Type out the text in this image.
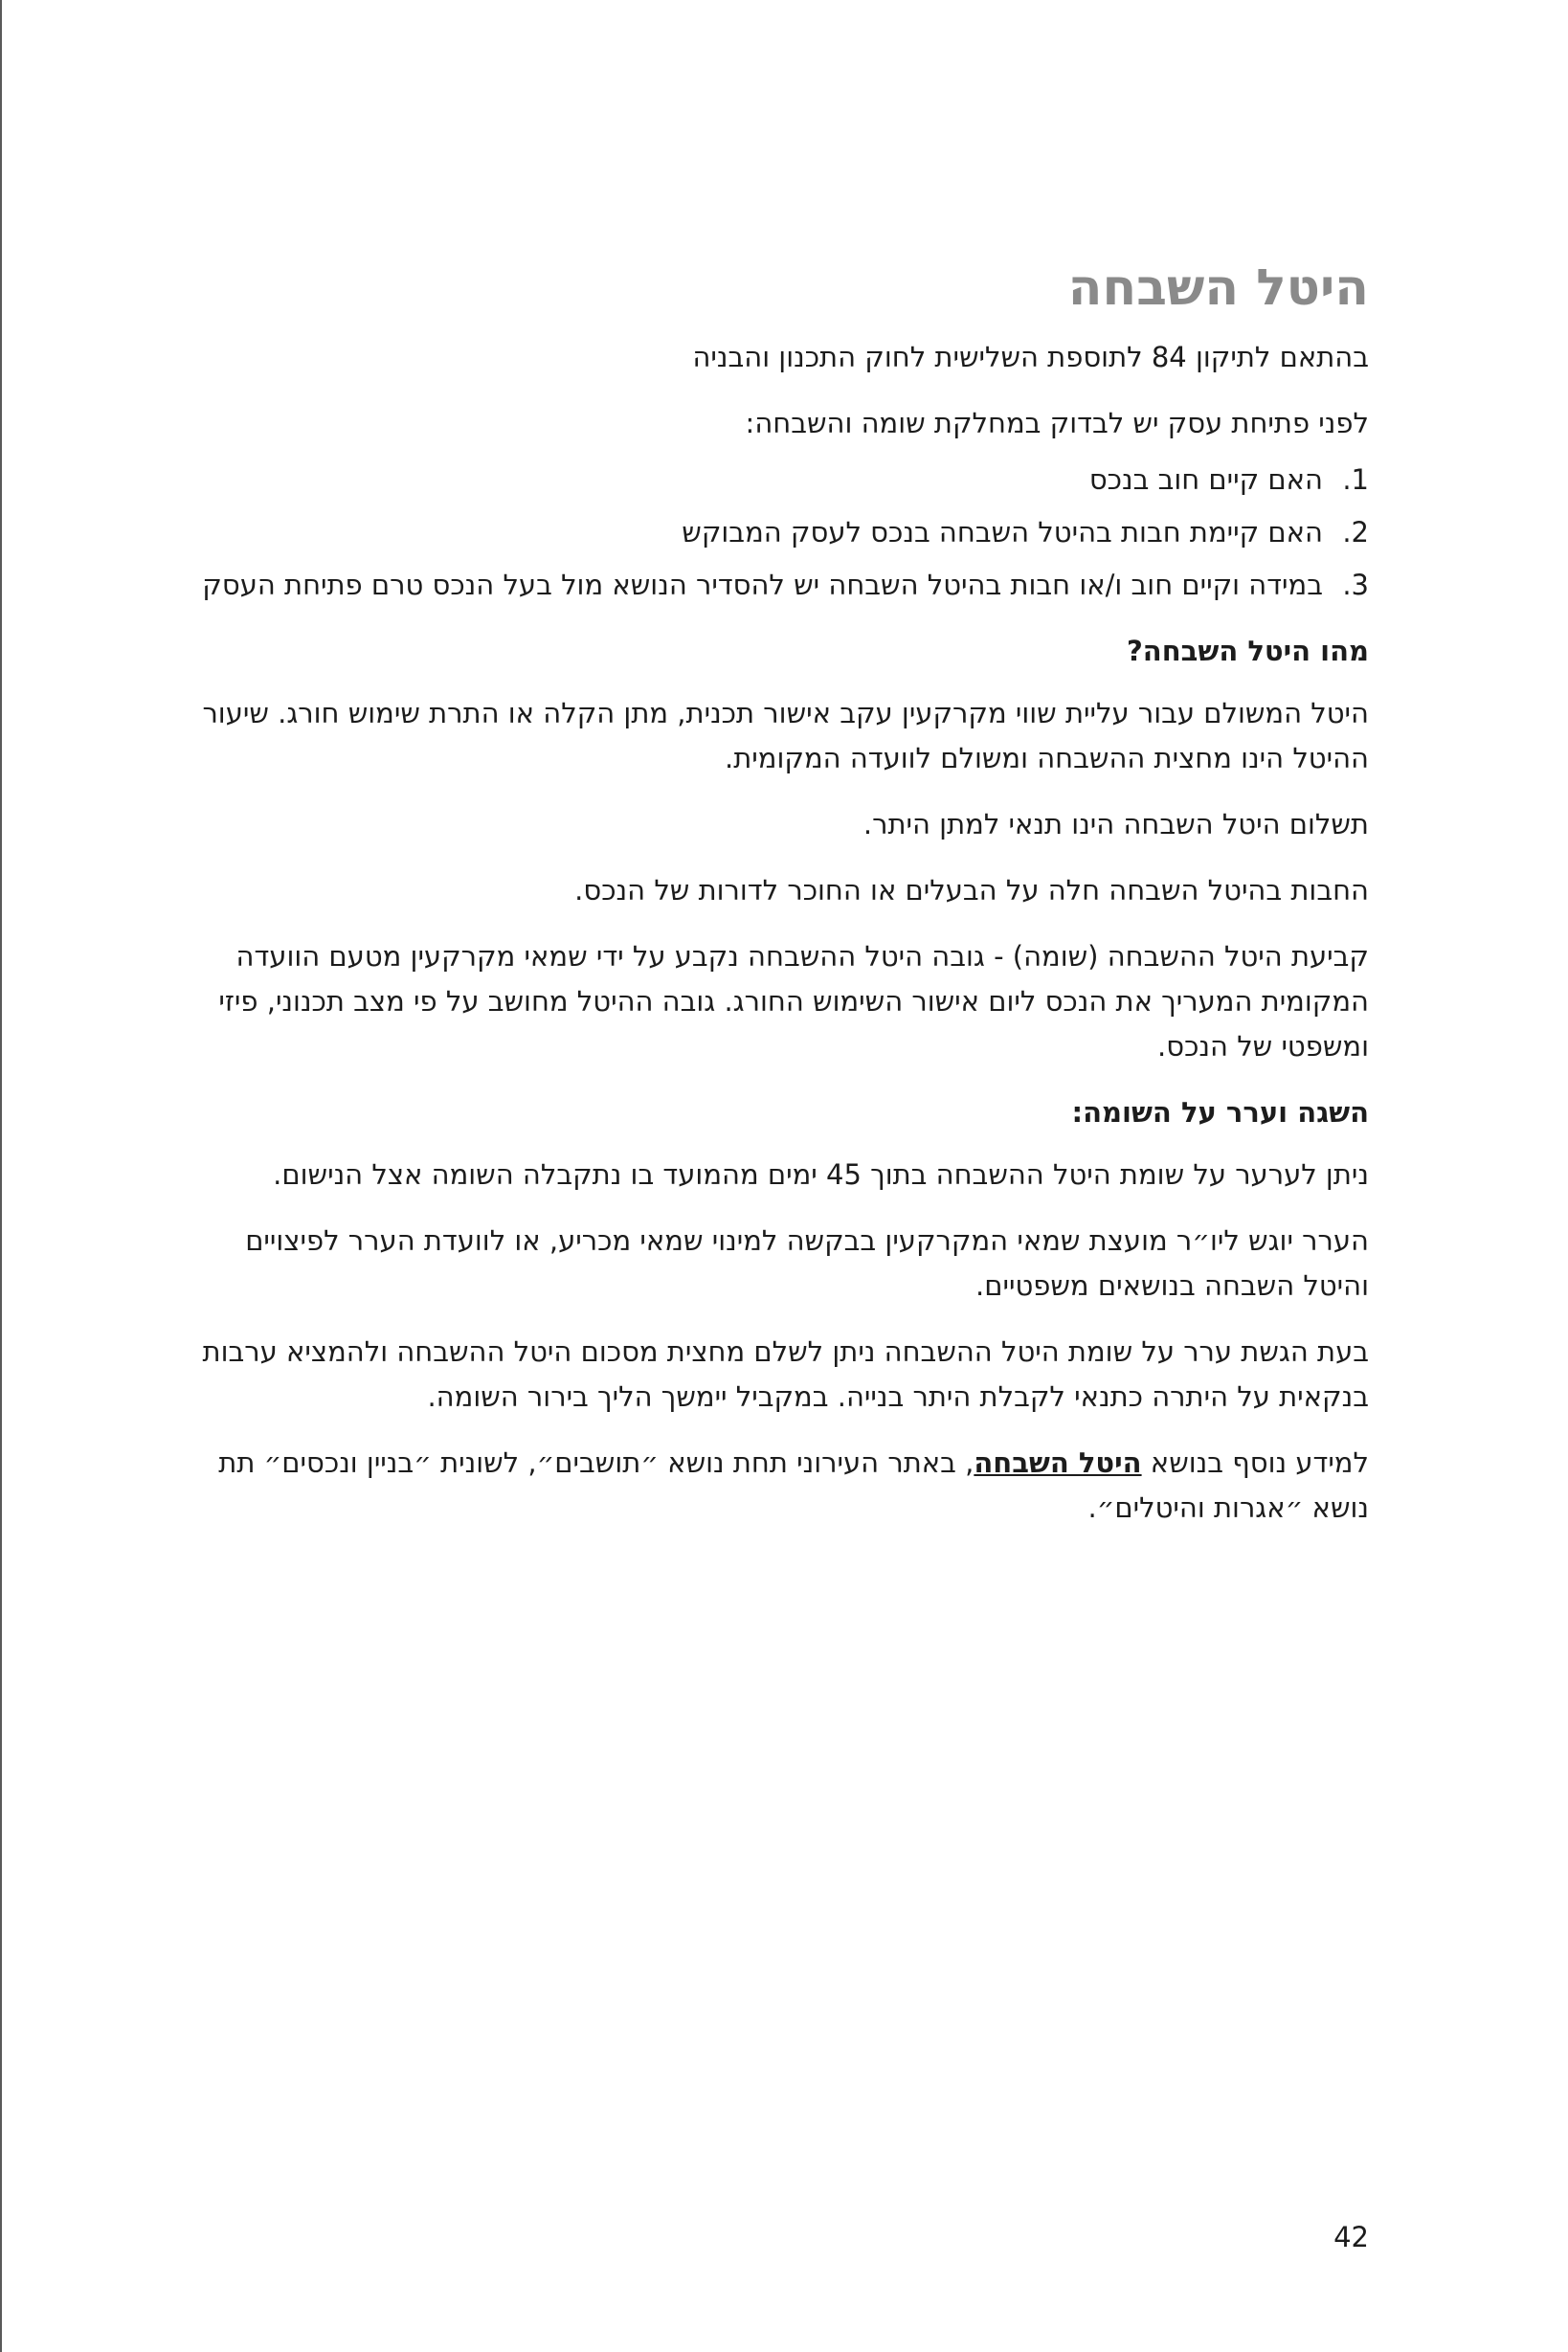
היטל השבחה

בהתאם לתיקון 84 לתוספת השלישית לחוק התכנון והבניה

לפני פתיחת עסק יש לבדוק במחלקת שומה והשבחה:

1.
האם קיים חוב בנכס
2.
האם קיימת חבות בהיטל השבחה בנכס לעסק המבוקש
3.
במידה וקיים חוב ו/או חבות בהיטל השבחה יש להסדיר הנושא מול בעל הנכס טרם פתיחת העסק
מהו היטל השבחה?

היטל המשולם עבור עליית שווי מקרקעין עקב אישור תכנית, מתן הקלה או התרת שימוש חורג. שיעור ההיטל הינו מחצית ההשבחה ומשולם לוועדה המקומית.

תשלום היטל השבחה הינו תנאי למתן היתר.

החבות בהיטל השבחה חלה על הבעלים או החוכר לדורות של הנכס.

קביעת היטל ההשבחה (שומה) - גובה היטל ההשבחה נקבע על ידי שמאי מקרקעין מטעם הוועדה המקומית המעריך את הנכס ליום אישור השימוש החורג. גובה ההיטל מחושב על פי מצב תכנוני, פיזי ומשפטי של הנכס.

השגה וערר על השומה:

ניתן לערער על שומת היטל ההשבחה בתוך 45 ימים מהמועד בו נתקבלה השומה אצל הנישום.

הערר יוגש ליו״ר מועצת שמאי המקרקעין בבקשה למינוי שמאי מכריע, או לוועדת הערר לפיצויים והיטל השבחה בנושאים משפטיים.

בעת הגשת ערר על שומת היטל ההשבחה ניתן לשלם מחצית מסכום היטל ההשבחה ולהמציא ערבות בנקאית על היתרה כתנאי לקבלת היתר בנייה. במקביל יימשך הליך בירור השומה.

למידע נוסף בנושא היטל השבחה, באתר העירוני תחת נושא ״תושבים״, לשונית ״בניין ונכסים״ תת נושא ״אגרות והיטלים״.

42
